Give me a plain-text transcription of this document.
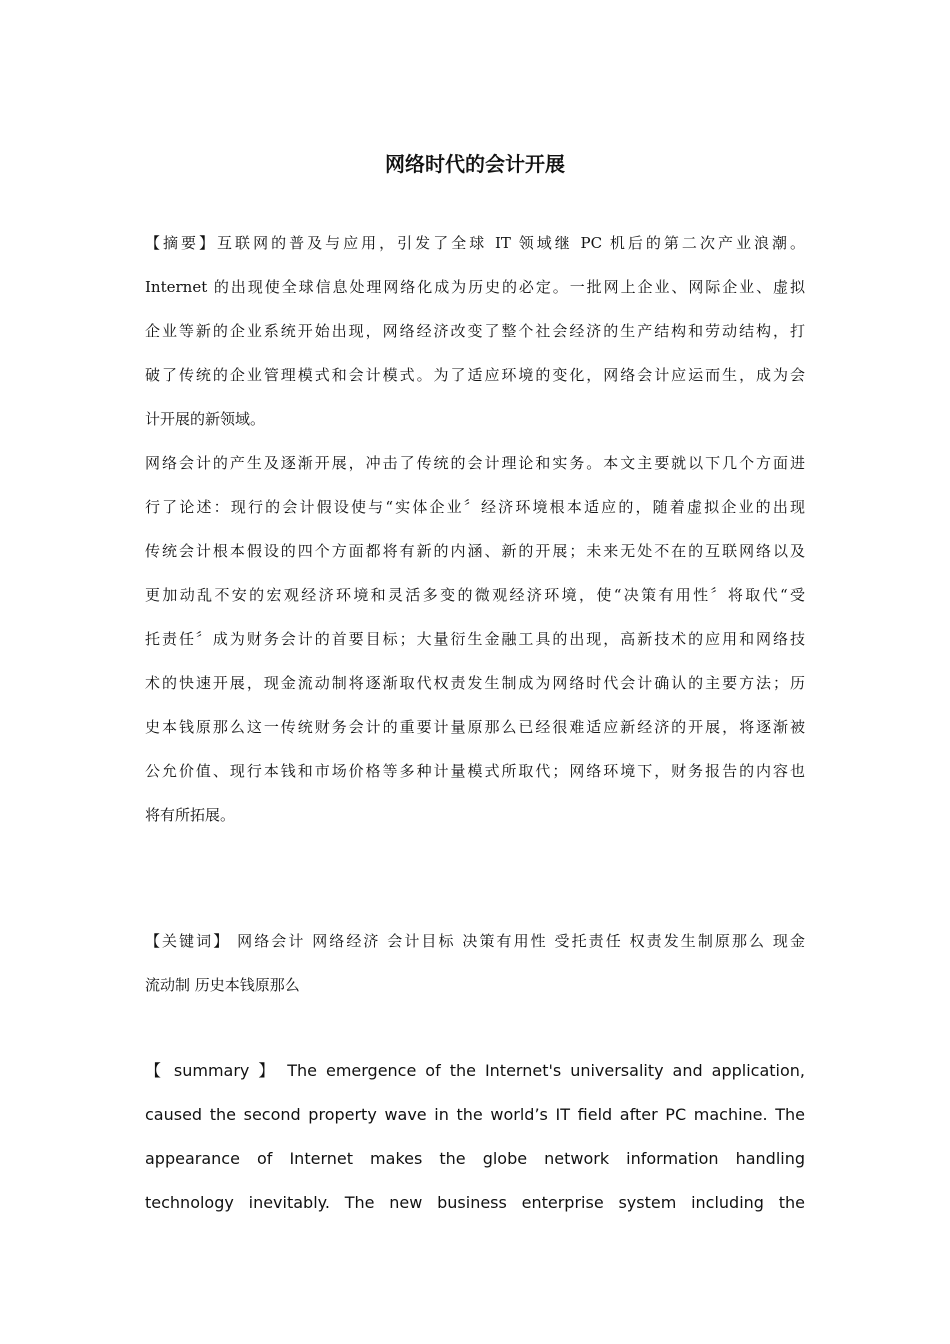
网络时代的会计开展
【摘要】互联网的普及与应用，引发了全球 IT 领域继 PC 机后的第二次产业浪潮。
Internet 的出现使全球信息处理网络化成为历史的必定。一批网上企业、网际企业、虚拟
企业等新的企业系统开始出现，网络经济改变了整个社会经济的生产结构和劳动结构，打
破了传统的企业管理模式和会计模式。为了适应环境的变化，网络会计应运而生，成为会
计开展的新领域。
网络会计的产生及逐渐开展，冲击了传统的会计理论和实务。本文主要就以下几个方面进
行了论述：现行的会计假设使与“实体企业〞经济环境根本适应的，随着虚拟企业的出现
传统会计根本假设的四个方面都将有新的内涵、新的开展；未来无处不在的互联网络以及
更加动乱不安的宏观经济环境和灵活多变的微观经济环境，使“决策有用性〞将取代“受
托责任〞成为财务会计的首要目标；大量衍生金融工具的出现，高新技术的应用和网络技
术的快速开展，现金流动制将逐渐取代权责发生制成为网络时代会计确认的主要方法；历
史本钱原那么这一传统财务会计的重要计量原那么已经很难适应新经济的开展，将逐渐被
公允价值、现行本钱和市场价格等多种计量模式所取代；网络环境下，财务报告的内容也
将有所拓展。
【关键词】 网络会计 网络经济 会计目标 决策有用性 受托责任 权责发生制原那么 现金
流动制 历史本钱原那么
【 summary 】 The emergence of the Internet's universality and application,
caused the second property wave in the world’s IT field after PC machine. The
appearance of Internet makes the globe network information handling
technology inevitably. The new business enterprise system including the
